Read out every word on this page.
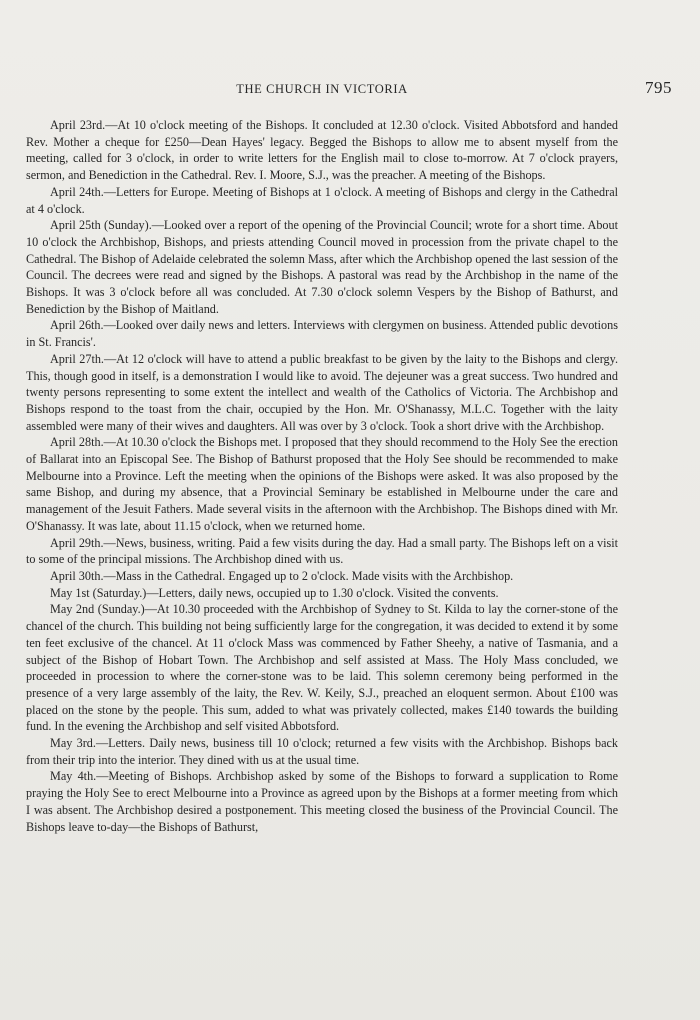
THE CHURCH IN VICTORIA	795

April 23rd.—At 10 o'clock meeting of the Bishops. It concluded at 12.30 o'clock. Visited Abbotsford and handed Rev. Mother a cheque for £250—Dean Hayes' legacy. Begged the Bishops to allow me to absent myself from the meeting, called for 3 o'clock, in order to write letters for the English mail to close to-morrow. At 7 o'clock prayers, sermon, and Benediction in the Cathedral. Rev. I. Moore, S.J., was the preacher. A meeting of the Bishops.

April 24th.—Letters for Europe. Meeting of Bishops at 1 o'clock. A meeting of Bishops and clergy in the Cathedral at 4 o'clock.

April 25th (Sunday).—Looked over a report of the opening of the Provincial Council; wrote for a short time. About 10 o'clock the Archbishop, Bishops, and priests attending Council moved in procession from the private chapel to the Cathedral. The Bishop of Adelaide celebrated the solemn Mass, after which the Archbishop opened the last session of the Council. The decrees were read and signed by the Bishops. A pastoral was read by the Archbishop in the name of the Bishops. It was 3 o'clock before all was concluded. At 7.30 o'clock solemn Vespers by the Bishop of Bathurst, and Benediction by the Bishop of Maitland.

April 26th.—Looked over daily news and letters. Interviews with clergymen on business. Attended public devotions in St. Francis'.

April 27th.—At 12 o'clock will have to attend a public breakfast to be given by the laity to the Bishops and clergy. This, though good in itself, is a demonstration I would like to avoid. The dejeuner was a great success. Two hundred and twenty persons representing to some extent the intellect and wealth of the Catholics of Victoria. The Archbishop and Bishops respond to the toast from the chair, occupied by the Hon. Mr. O'Shanassy, M.L.C. Together with the laity assembled were many of their wives and daughters. All was over by 3 o'clock. Took a short drive with the Archbishop.

April 28th.—At 10.30 o'clock the Bishops met. I proposed that they should recommend to the Holy See the erection of Ballarat into an Episcopal See. The Bishop of Bathurst proposed that the Holy See should be recommended to make Melbourne into a Province. Left the meeting when the opinions of the Bishops were asked. It was also proposed by the same Bishop, and during my absence, that a Provincial Seminary be established in Melbourne under the care and management of the Jesuit Fathers. Made several visits in the afternoon with the Archbishop. The Bishops dined with Mr. O'Shanassy. It was late, about 11.15 o'clock, when we returned home.

April 29th.—News, business, writing. Paid a few visits during the day. Had a small party. The Bishops left on a visit to some of the principal missions. The Archbishop dined with us.

April 30th.—Mass in the Cathedral. Engaged up to 2 o'clock. Made visits with the Archbishop.

May 1st (Saturday.)—Letters, daily news, occupied up to 1.30 o'clock. Visited the convents.

May 2nd (Sunday.)—At 10.30 proceeded with the Archbishop of Sydney to St. Kilda to lay the corner-stone of the chancel of the church. This building not being sufficiently large for the congregation, it was decided to extend it by some ten feet exclusive of the chancel. At 11 o'clock Mass was commenced by Father Sheehy, a native of Tasmania, and a subject of the Bishop of Hobart Town. The Archbishop and self assisted at Mass. The Holy Mass concluded, we proceeded in procession to where the corner-stone was to be laid. This solemn ceremony being performed in the presence of a very large assembly of the laity, the Rev. W. Keily, S.J., preached an eloquent sermon. About £100 was placed on the stone by the people. This sum, added to what was privately collected, makes £140 towards the building fund. In the evening the Archbishop and self visited Abbotsford.

May 3rd.—Letters. Daily news, business till 10 o'clock; returned a few visits with the Archbishop. Bishops back from their trip into the interior. They dined with us at the usual time.

May 4th.—Meeting of Bishops. Archbishop asked by some of the Bishops to forward a supplication to Rome praying the Holy See to erect Melbourne into a Province as agreed upon by the Bishops at a former meeting from which I was absent. The Archbishop desired a postponement. This meeting closed the business of the Provincial Council. The Bishops leave to-day—the Bishops of Bathurst,
